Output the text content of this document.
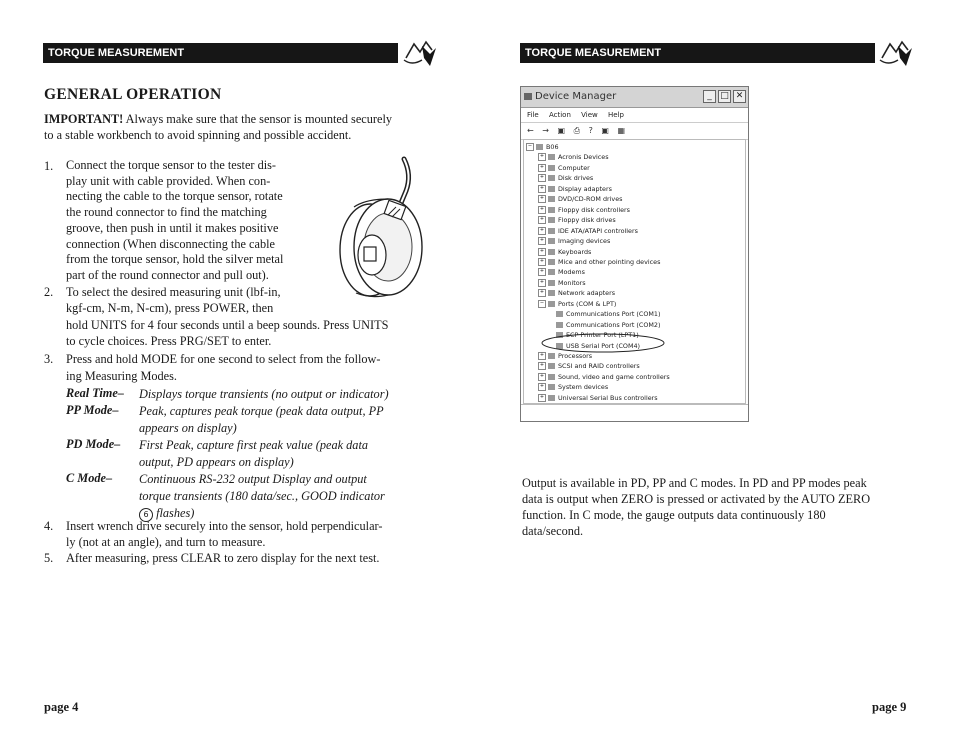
TORQUE MEASUREMENT
GENERAL OPERATION
IMPORTANT! Always make sure that the sensor is mounted securely
to a stable workbench to avoid spinning and possible accident.
1. Connect the torque sensor to the tester dis-
play unit with cable provided. When con-
necting the cable to the torque sensor, rotate
the round connector to find the matching
groove, then push in until it makes positive
connection (When disconnecting the cable
from the torque sensor, hold the silver metal
part of the round connector and pull out).
2. To select the desired measuring unit (lbf-in,
kgf-cm, N-m, N-cm), press POWER, then
hold UNITS for 4 four seconds until a beep sounds. Press UNITS
to cycle choices. Press PRG/SET to enter.
3. Press and hold MODE for one second to select from the follow-
ing Measuring Modes.
Real Time– Displays torque transients (no output or indicator)
PP Mode– Peak, captures peak torque (peak data output, PP
appears on display)
PD Mode– First Peak, capture first peak value (peak data
output, PD appears on display)
C Mode– Continuous RS-232 output Display and output
torque transients (180 data/sec., GOOD indicator
6 flashes)
4. Insert wrench drive securely into the sensor, hold perpendicular-
ly (not at an angle), and turn to measure.
5. After measuring, press CLEAR to zero display for the next test.
page 4
TORQUE MEASUREMENT
Device Manager	_ □ ✕
File Action View Help
← → ▣ ⎙ ? ▣ ▦
− B06
+ Acronis Devices
+ Computer
+ Disk drives
+ Display adapters
+ DVD/CD-ROM drives
+ Floppy disk controllers
+ Floppy disk drives
+ IDE ATA/ATAPI controllers
+ Imaging devices
+ Keyboards
+ Mice and other pointing devices
+ Modems
+ Monitors
+ Network adapters
− Ports (COM & LPT)
Communications Port (COM1)
Communications Port (COM2)
ECP Printer Port (LPT1)
USB Serial Port (COM4)
+ Processors
+ SCSI and RAID controllers
+ Sound, video and game controllers
+ System devices
+ Universal Serial Bus controllers
Output is available in PD, PP and C modes. In PD and PP modes peak
data is output when ZERO is pressed or activated by the AUTO ZERO
function. In C mode, the gauge outputs data continuously 180
data/second.
page 9
